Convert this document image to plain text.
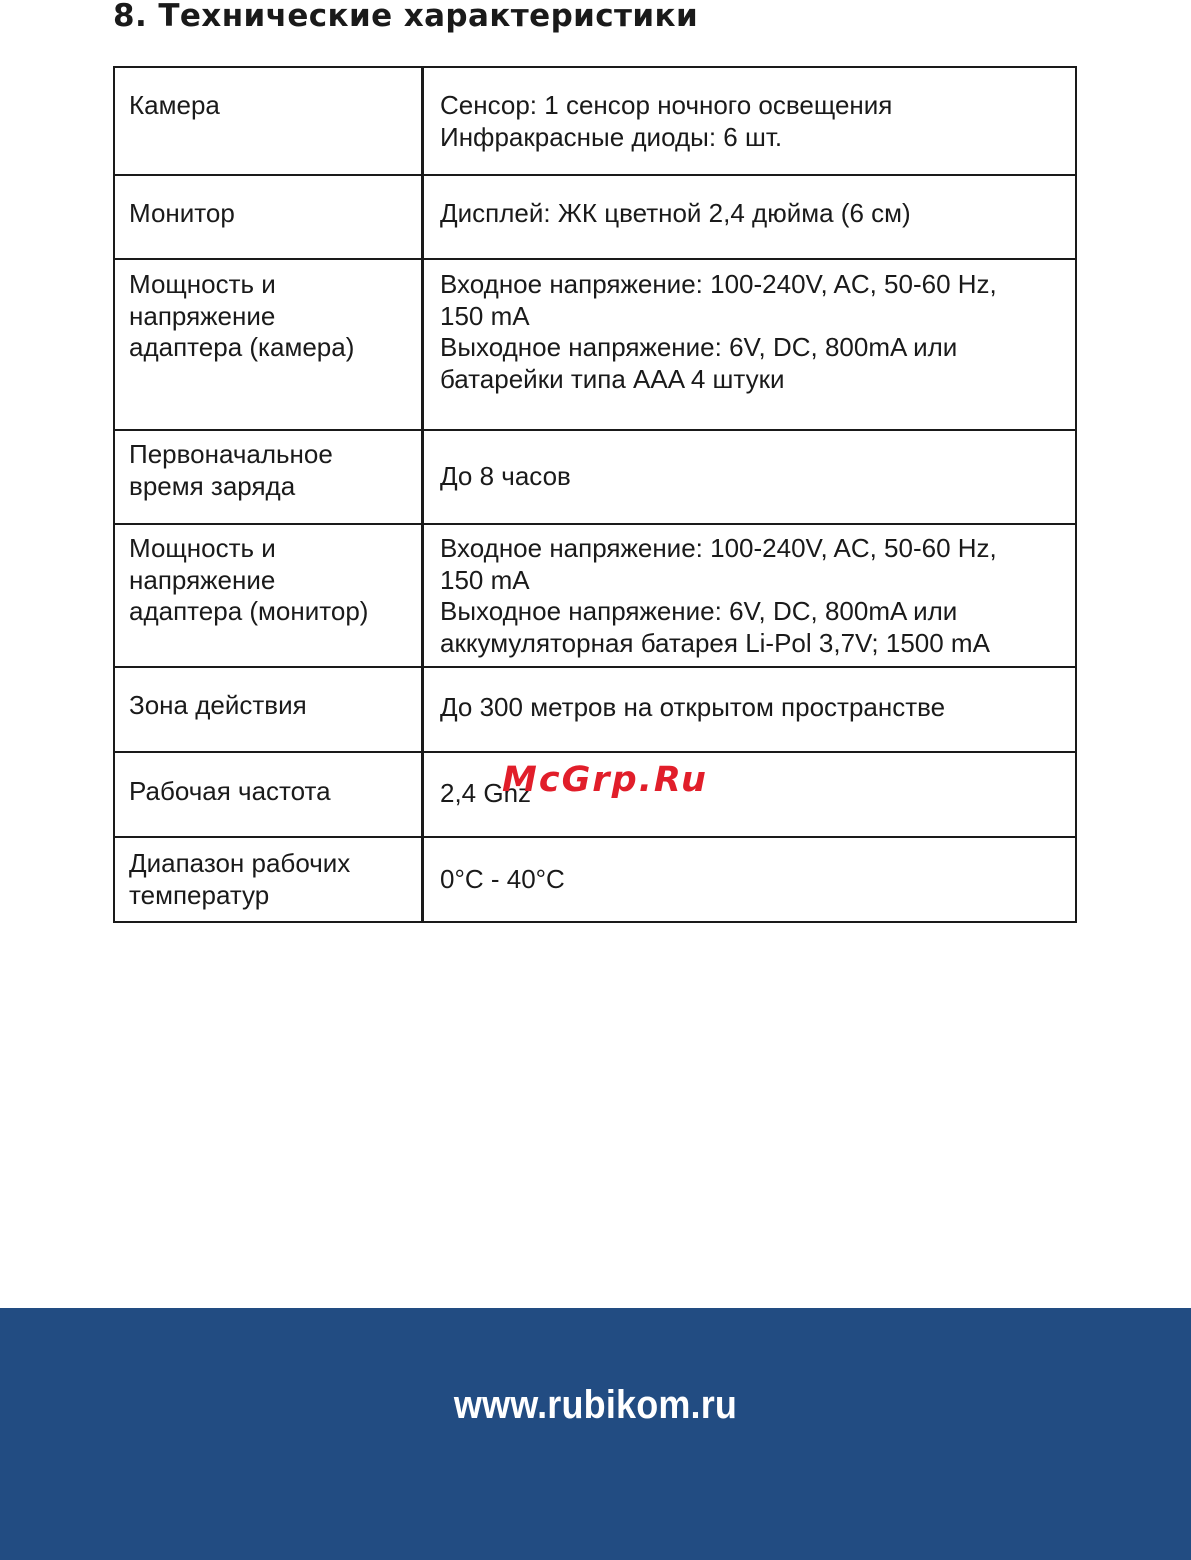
8. Технические характеристики
Камера	Сенсор: 1 сенсор ночного освещения
Инфракрасные диоды: 6 шт.

Монитор	Дисплей: ЖК цветной 2,4 дюйма (6 см)

Мощность и
напряжение
адаптера (камера)	Входное напряжение: 100-240V, AC, 50-60 Hz,
150 mA
Выходное напряжение: 6V, DC, 800mA или
батарейки типа AAA 4 штуки

Первоначальное
время заряда	До 8 часов

Мощность и
напряжение
адаптера (монитор)	Входное напряжение: 100-240V, AC, 50-60 Hz,
150 mA
Выходное напряжение: 6V, DC, 800mA или
аккумуляторная батарея Li-Pol 3,7V; 1500 mA

Зона действия	До 300 метров на открытом пространстве

Рабочая частота	2,4 Ghz

Диапазон рабочих
температур	0°С - 40°С
McGrp.Ru
www.rubikom.ru
